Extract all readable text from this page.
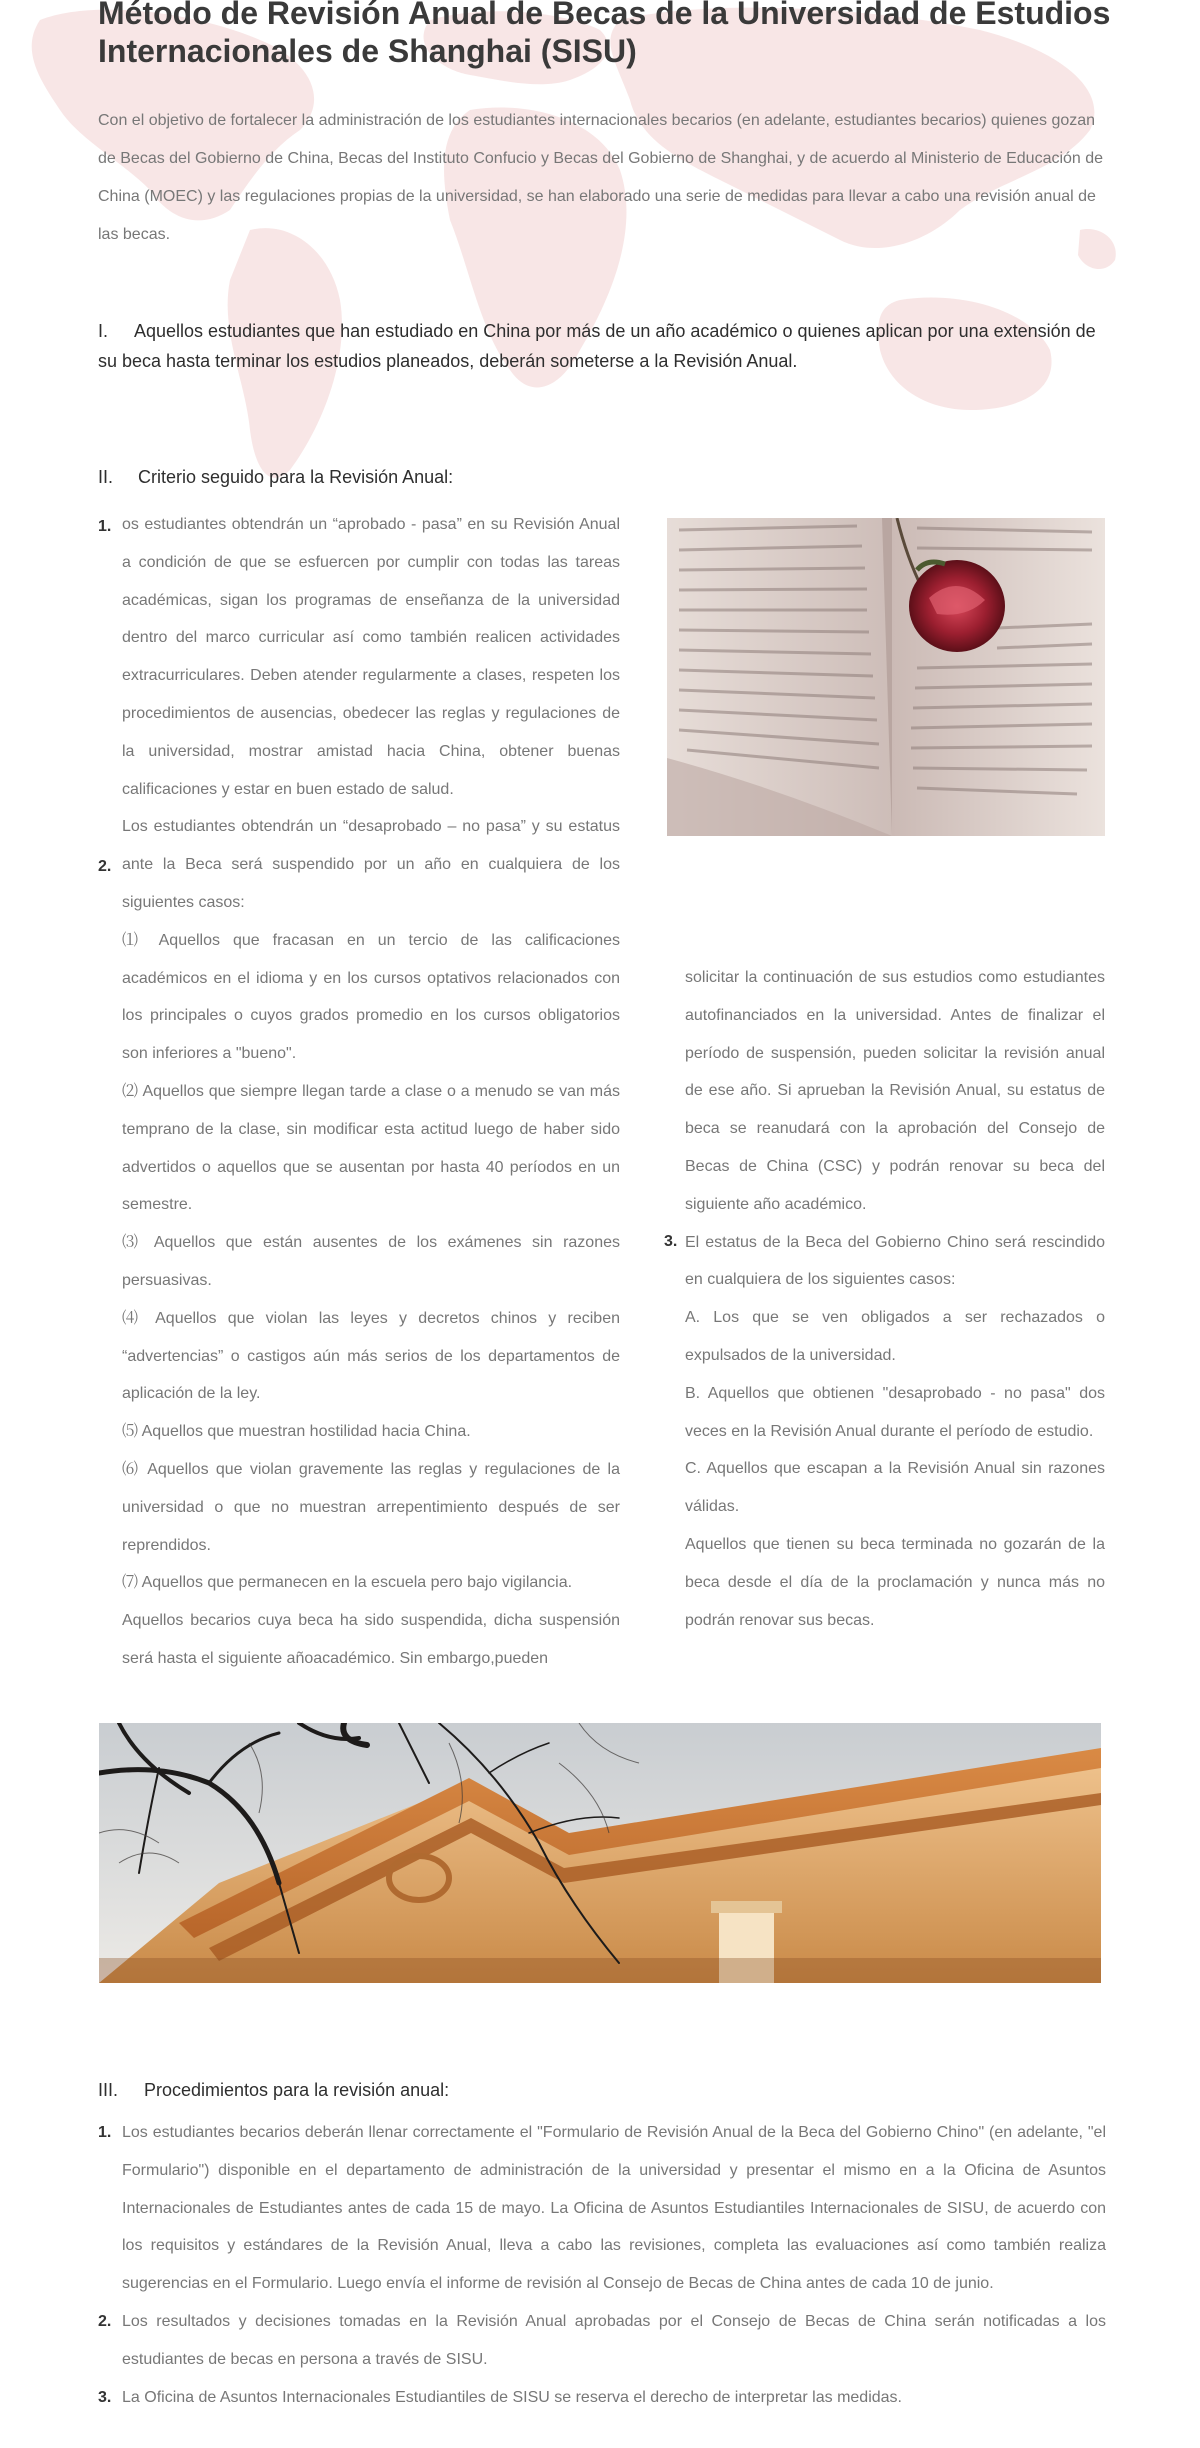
Método de Revisión Anual de Becas de la Universidad de Estudios Internacionales de Shanghai (SISU)

Con el objetivo de fortalecer la administración de los estudiantes internacionales becarios (en adelante, estudiantes becarios) quienes gozan de Becas del Gobierno de China, Becas del Instituto Confucio y Becas del Gobierno de Shanghai, y de acuerdo al Ministerio de Educación de China (MOEC) y las regulaciones propias de la universidad, se han elaborado una serie de medidas para llevar a cabo una revisión anual de las becas.

I. Aquellos estudiantes que han estudiado en China por más de un año académico o quienes aplican por una extensión de su beca hasta terminar los estudios planeados, deberán someterse a la Revisión Anual.

II. Criterio seguido para la Revisión Anual:

1.
2.
3.

os estudiantes obtendrán un “aprobado - pasa” en su Revisión Anual a condición de que se esfuercen por cumplir con todas las tareas académicas, sigan los programas de enseñanza de la universidad dentro del marco curricular así como también realicen actividades extracurriculares. Deben atender regularmente a clases, respeten los procedimientos de ausencias, obedecer las reglas y regulaciones de la universidad, mostrar amistad hacia China, obtener buenas calificaciones y estar en buen estado de salud.

Los estudiantes obtendrán un “desaprobado – no pasa” y su estatus ante la Beca será suspendido por un año en cualquiera de los siguientes casos:

⑴ Aquellos que fracasan en un tercio de las calificaciones académicos en el idioma y en los cursos optativos relacionados con los principales o cuyos grados promedio en los cursos obligatorios son inferiores a "bueno".

⑵ Aquellos que siempre llegan tarde a clase o a menudo se van más temprano de la clase, sin modificar esta actitud luego de haber sido advertidos o aquellos que se ausentan por hasta 40 períodos en un semestre.

⑶ Aquellos que están ausentes de los exámenes sin razones persuasivas.

⑷ Aquellos que violan las leyes y decretos chinos y reciben “advertencias” o castigos aún más serios de los departamentos de aplicación de la ley.

⑸ Aquellos que muestran hostilidad hacia China.

⑹ Aquellos que violan gravemente las reglas y regulaciones de la universidad o que no muestran arrepentimiento después de ser reprendidos.

⑺ Aquellos que permanecen en la escuela pero bajo vigilancia.

Aquellos becarios cuya beca ha sido suspendida, dicha suspensión será hasta el siguiente añoacadémico. Sin embargo,pueden

solicitar la continuación de sus estudios como estudiantes autofinanciados en la universidad. Antes de finalizar el período de suspensión, pueden solicitar la revisión anual de ese año. Si aprueban la Revisión Anual, su estatus de beca se reanudará con la aprobación del Consejo de Becas de China (CSC) y podrán renovar su beca del siguiente año académico.

El estatus de la Beca del Gobierno Chino será rescindido en cualquiera de los siguientes casos:

A. Los que se ven obligados a ser rechazados o expulsados de la universidad.

B. Aquellos que obtienen "desaprobado - no pasa" dos veces en la Revisión Anual durante el período de estudio.

C. Aquellos que escapan a la Revisión Anual sin razones válidas.

Aquellos que tienen su beca terminada no gozarán de la beca desde el día de la proclamación y nunca más no podrán renovar sus becas.

III. Procedimientos para la revisión anual:

1. Los estudiantes becarios deberán llenar correctamente el "Formulario de Revisión Anual de la Beca del Gobierno Chino" (en adelante, "el Formulario") disponible en el departamento de administración de la universidad y presentar el mismo en a la Oficina de Asuntos Internacionales de Estudiantes antes de cada 15 de mayo. La Oficina de Asuntos Estudiantiles Internacionales de SISU, de acuerdo con los requisitos y estándares de la Revisión Anual, lleva a cabo las revisiones, completa las evaluaciones así como también realiza sugerencias en el Formulario. Luego envía el informe de revisión al Consejo de Becas de China antes de cada 10 de junio.
2. Los resultados y decisiones tomadas en la Revisión Anual aprobadas por el Consejo de Becas de China serán notificadas a los estudiantes de becas en persona a través de SISU.
3. La Oficina de Asuntos Internacionales Estudiantiles de SISU se reserva el derecho de interpretar las medidas.
